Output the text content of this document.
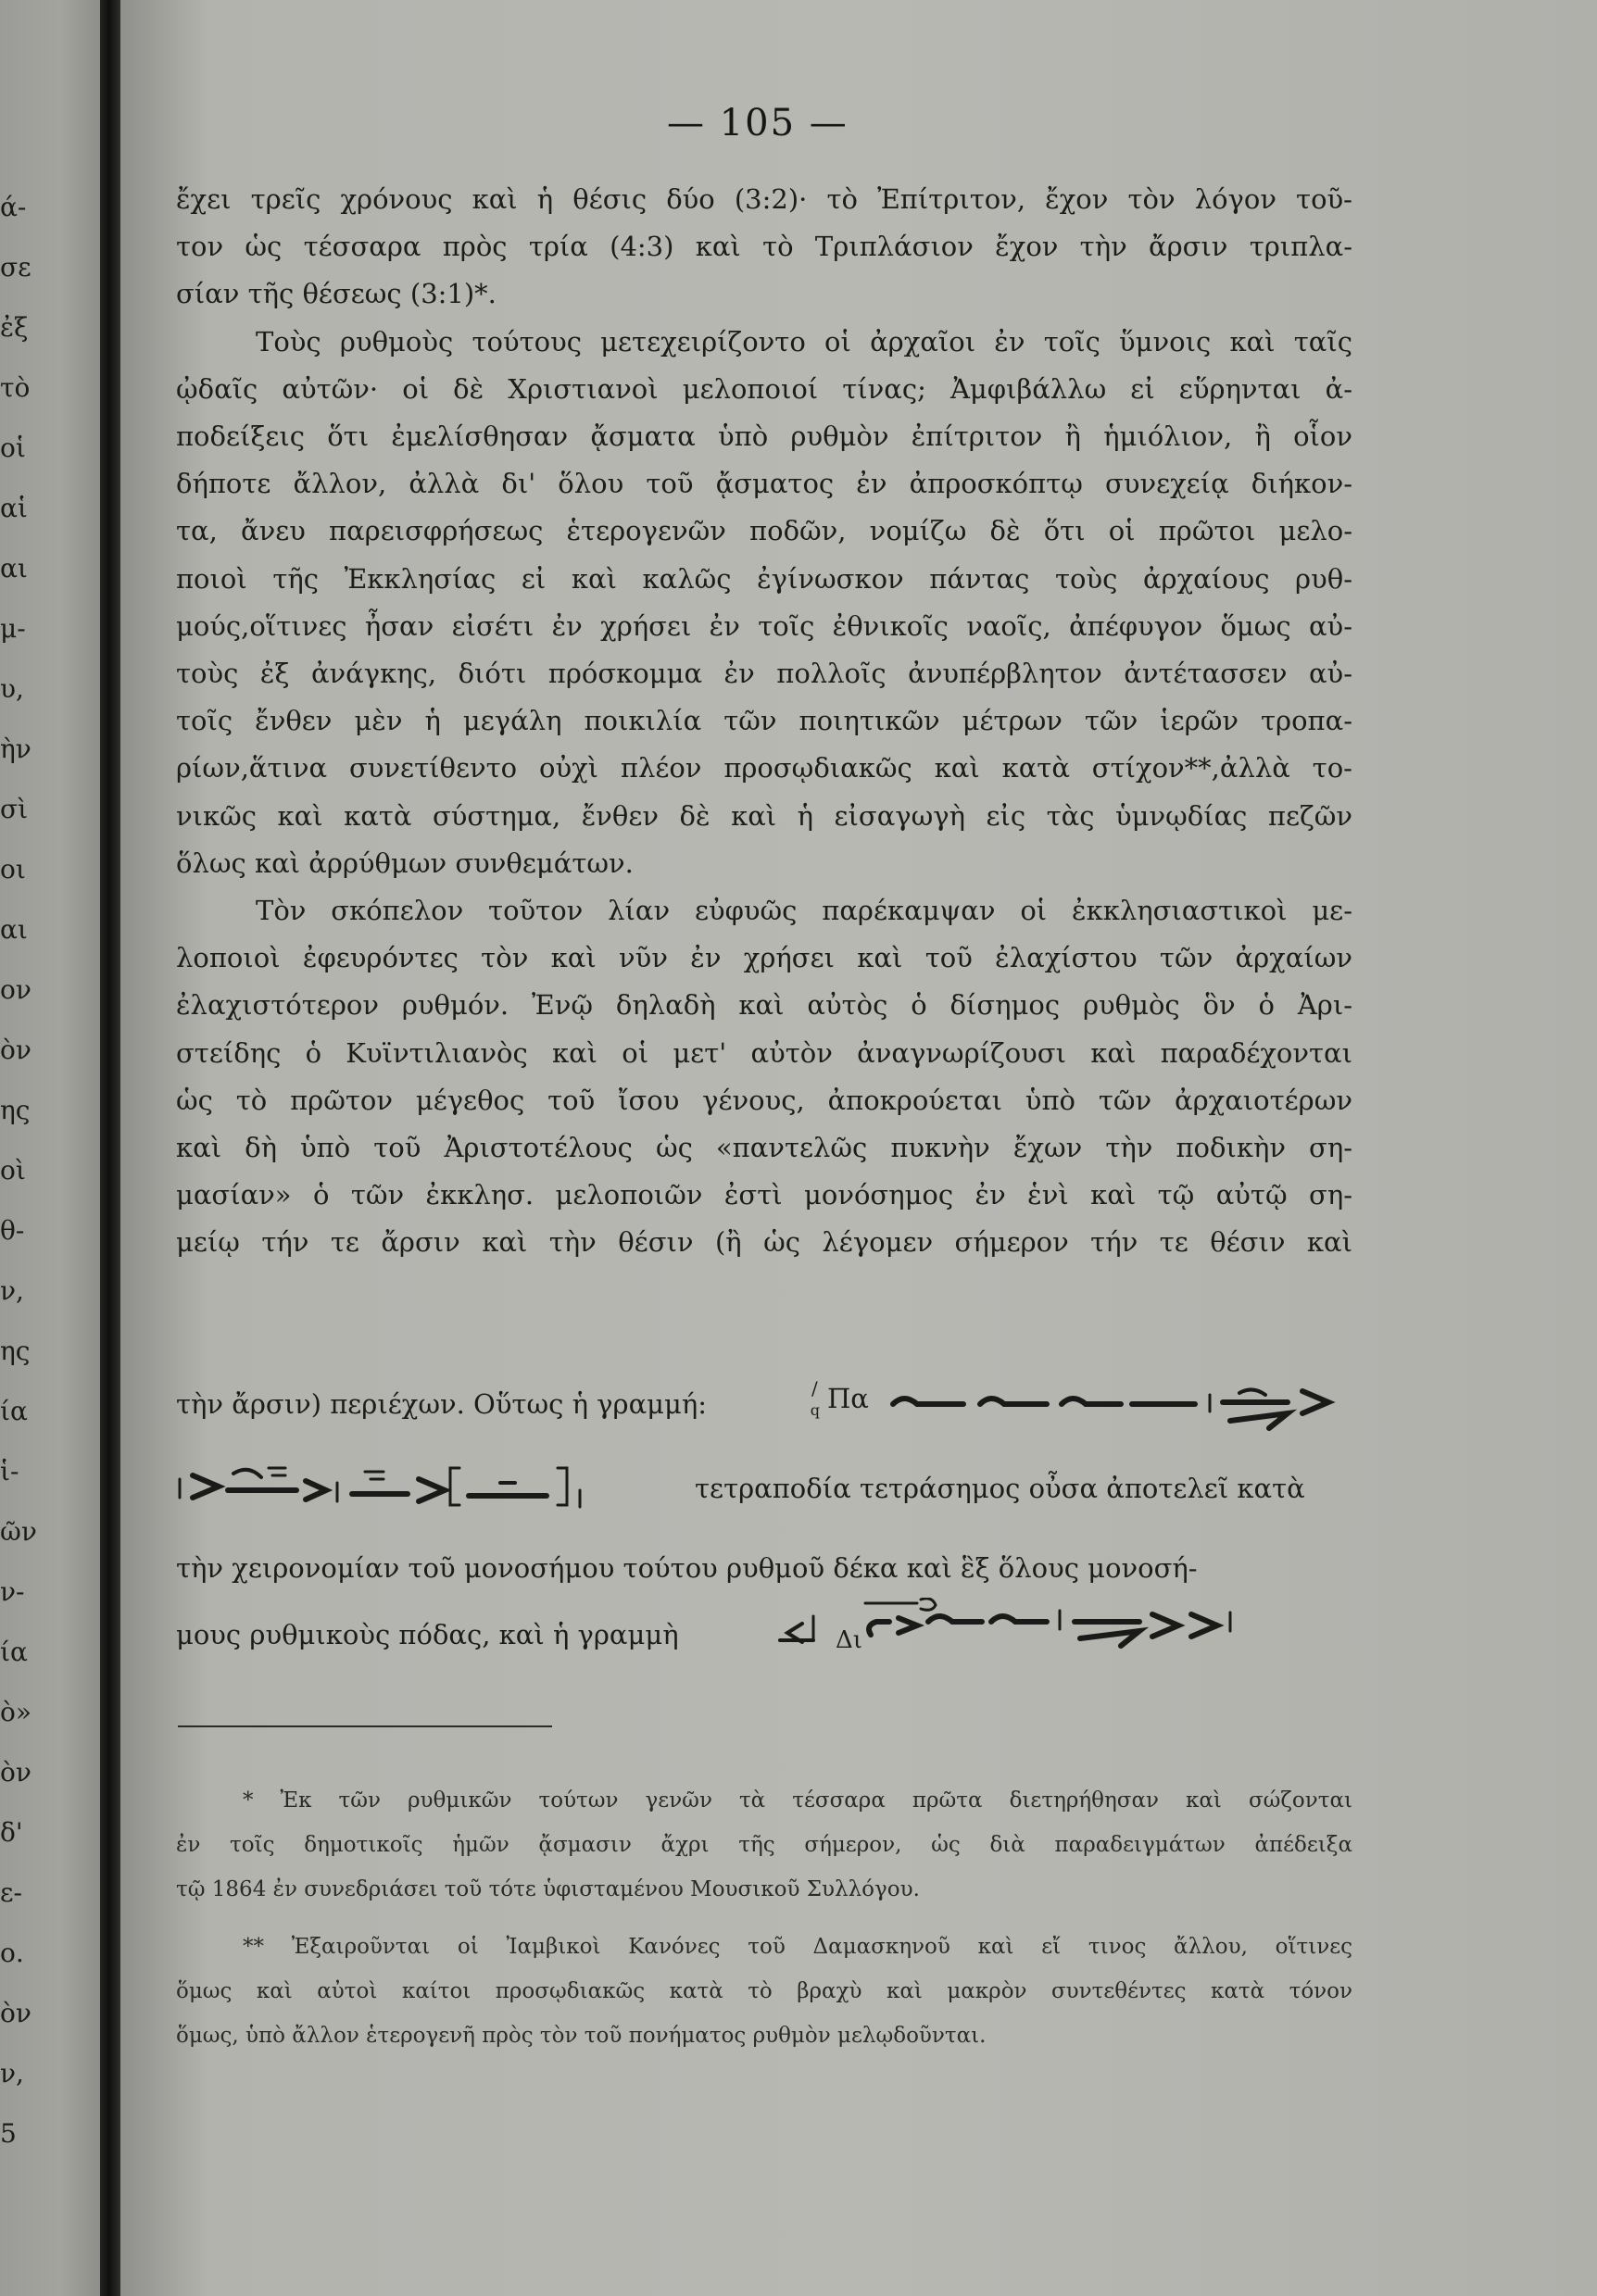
ά-
σε
ἐξ
τὸ
οἱ
αἱ
αι
μ-
υ,
ὴν
σὶ
οι
αι
ον
ὸν
ης
οὶ
θ-
ν,
ης
ία
ἱ-
ῶν
ν-
ία
ὸ»
ὸν
δ'
ε-
ο.
ὸν
ν,
5
— 105 —
ἔχει τρεῖς χρόνους καὶ ἡ θέσις δύο (3:2)· τὸ Ἐπίτριτον, ἔχον τὸν λόγον τοῦ-
τον ὡς τέσσαρα πρὸς τρία (4:3) καὶ τὸ Τριπλάσιον ἔχον τὴν ἄρσιν τριπλα-
σίαν τῆς θέσεως (3:1)*.
Τοὺς ρυθμοὺς τούτους μετεχειρίζοντο οἱ ἀρχαῖοι ἐν τοῖς ὕμνοις καὶ ταῖς
ᾠδαῖς αὐτῶν· οἱ δὲ Χριστιανοὶ μελοποιοί τίνας; Ἀμφιβάλλω εἰ εὕρηνται ἀ-
ποδείξεις ὅτι ἐμελίσθησαν ᾄσματα ὑπὸ ρυθμὸν ἐπίτριτον ἢ ἡμιόλιον, ἢ οἷον
δήποτε ἄλλον, ἀλλὰ δι' ὅλου τοῦ ᾄσματος ἐν ἀπροσκόπτῳ συνεχείᾳ διήκον-
τα, ἄνευ παρεισφρήσεως ἑτερογενῶν ποδῶν, νομίζω δὲ ὅτι οἱ πρῶτοι μελο-
ποιοὶ τῆς Ἐκκλησίας εἰ καὶ καλῶς ἐγίνωσκον πάντας τοὺς ἀρχαίους ρυθ-
μούς,οἵτινες ἦσαν εἰσέτι ἐν χρήσει ἐν τοῖς ἐθνικοῖς ναοῖς, ἀπέφυγον ὅμως αὐ-
τοὺς ἐξ ἀνάγκης, διότι πρόσκομμα ἐν πολλοῖς ἀνυπέρβλητον ἀντέτασσεν αὐ-
τοῖς ἔνθεν μὲν ἡ μεγάλη ποικιλία τῶν ποιητικῶν μέτρων τῶν ἱερῶν τροπα-
ρίων,ἅτινα συνετίθεντο οὐχὶ πλέον προσῳδιακῶς καὶ κατὰ στίχον**,ἀλλὰ το-
νικῶς καὶ κατὰ σύστημα, ἔνθεν δὲ καὶ ἡ εἰσαγωγὴ εἰς τὰς ὑμνῳδίας πεζῶν
ὅλως καὶ ἀρρύθμων συνθεμάτων.
Τὸν σκόπελον τοῦτον λίαν εὐφυῶς παρέκαμψαν οἱ ἐκκλησιαστικοὶ με-
λοποιοὶ ἐφευρόντες τὸν καὶ νῦν ἐν χρήσει καὶ τοῦ ἐλαχίστου τῶν ἀρχαίων
ἐλαχιστότερον ρυθμόν. Ἐνῷ δηλαδὴ καὶ αὐτὸς ὁ δίσημος ρυθμὸς ὃν ὁ Ἀρι-
στείδης ὁ Κυϊντιλιανὸς καὶ οἱ μετ' αὐτὸν ἀναγνωρίζουσι καὶ παραδέχονται
ὡς τὸ πρῶτον μέγεθος τοῦ ἴσου γένους, ἀποκρούεται ὑπὸ τῶν ἀρχαιοτέρων
καὶ δὴ ὑπὸ τοῦ Ἀριστοτέλους ὡς «παντελῶς πυκνὴν ἔχων τὴν ποδικὴν ση-
μασίαν» ὁ τῶν ἐκκλησ. μελοποιῶν ἐστὶ μονόσημος ἐν ἑνὶ καὶ τῷ αὐτῷ ση-
μείῳ τήν τε ἄρσιν καὶ τὴν θέσιν (ἢ ὡς λέγομεν σήμερον τήν τε θέσιν καὶ
τὴν ἄρσιν) περιέχων. Οὕτως ἡ γραμμή:	/$_q$ Πα
τετραποδία τετράσημος οὖσα ἀποτελεῖ κατὰ
τὴν χειρονομίαν τοῦ μονοσήμου τούτου ρυθμοῦ δέκα καὶ ἓξ ὅλους μονοσή-
μους ρυθμικοὺς πόδας, καὶ ἡ γραμμὴ	Δι
* Ἐκ τῶν ρυθμικῶν τούτων γενῶν τὰ τέσσαρα πρῶτα διετηρήθησαν καὶ σώζονται
ἐν τοῖς δημοτικοῖς ἡμῶν ᾄσμασιν ἄχρι τῆς σήμερον, ὡς διὰ παραδειγμάτων ἀπέδειξα
τῷ 1864 ἐν συνεδριάσει τοῦ τότε ὑφισταμένου Μουσικοῦ Συλλόγου.
** Ἐξαιροῦνται οἱ Ἰαμβικοὶ Κανόνες τοῦ Δαμασκηνοῦ καὶ εἴ τινος ἄλλου, οἵτινες
ὅμως καὶ αὐτοὶ καίτοι προσῳδιακῶς κατὰ τὸ βραχὺ καὶ μακρὸν συντεθέντες κατὰ τόνον
ὅμως, ὑπὸ ἄλλον ἑτερογενῆ πρὸς τὸν τοῦ πονήματος ρυθμὸν μελῳδοῦνται.
